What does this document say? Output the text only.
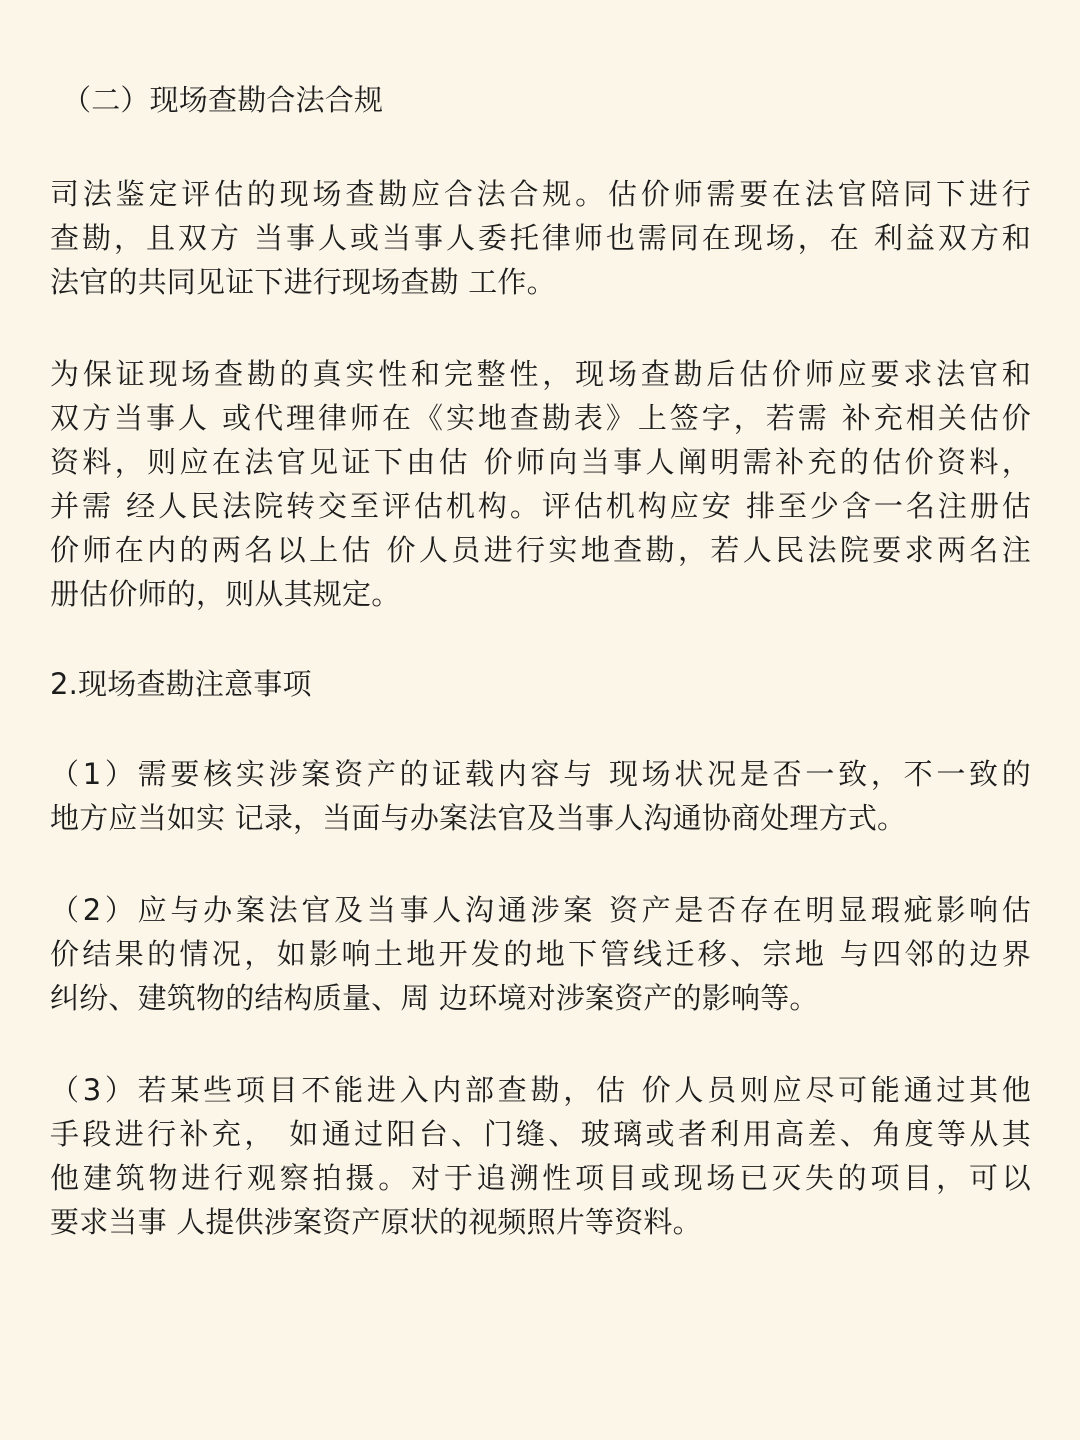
（二）现场查勘合法合规

司法鉴定评估的现场查勘应合法合规。估价师需要在法官陪同下进行

查勘，且双方 当事人或当事人委托律师也需同在现场，在 利益双方和

法官的共同见证下进行现场查勘 工作。

为保证现场查勘的真实性和完整性，现场查勘后估价师应要求法官和

双方当事人 或代理律师在《实地查勘表》上签字，若需 补充相关估价

资料，则应在法官见证下由估 价师向当事人阐明需补充的估价资料，

并需 经人民法院转交至评估机构。评估机构应安 排至少含一名注册估

价师在内的两名以上估 价人员进行实地查勘，若人民法院要求两名注

册估价师的，则从其规定。

2.现场查勘注意事项

（1）需要核实涉案资产的证载内容与 现场状况是否一致，不一致的

地方应当如实 记录，当面与办案法官及当事人沟通协商处理方式。

（2）应与办案法官及当事人沟通涉案 资产是否存在明显瑕疵影响估

价结果的情况，如影响土地开发的地下管线迁移、宗地 与四邻的边界

纠纷、建筑物的结构质量、周 边环境对涉案资产的影响等。

（3）若某些项目不能进入内部查勘，估 价人员则应尽可能通过其他

手段进行补充， 如通过阳台、门缝、玻璃或者利用高差、角度等从其

他建筑物进行观察拍摄。对于追溯性项目或现场已灭失的项目，可以

要求当事 人提供涉案资产原状的视频照片等资料。
